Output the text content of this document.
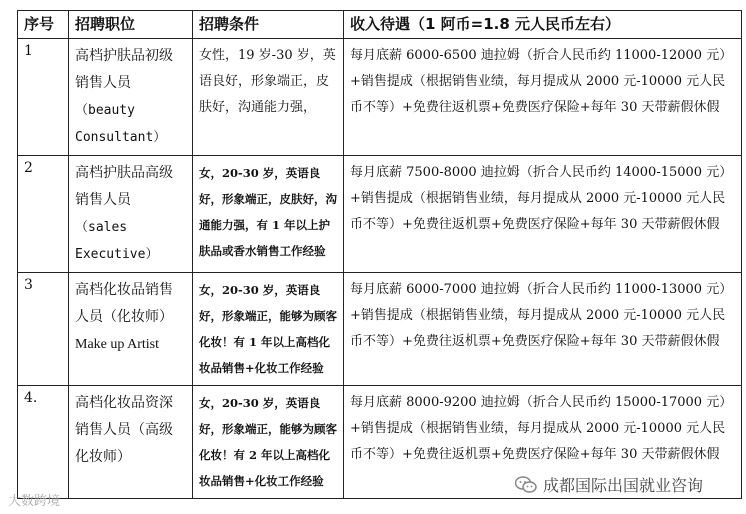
序号	招聘职位	招聘条件	收入待遇（1 阿币=1.8 元人民币左右）
1	高档护肤品初级销售人员 （beauty Consultant）	女性，19 岁-30 岁，英语良好，形象端正，皮肤好，沟通能力强，	每月底薪 6000-6500 迪拉姆（折合人民币约 11000-12000 元）+销售提成（根据销售业绩，每月提成从 2000 元-10000 元人民币不等）+免费往返机票+免费医疗保险+每年 30 天带薪假休假
2	高档护肤品高级销售人员 （sales Executive）	女，20-30 岁，英语良好，形象端正，皮肤好，沟通能力强，有 1 年以上护肤品或香水销售工作经验	每月底薪 7500-8000 迪拉姆（折合人民币约 14000-15000 元）+销售提成（根据销售业绩，每月提成从 2000 元-10000 元人民币不等）+免费往返机票+免费医疗保险+每年 30 天带薪假休假
3	高档化妆品销售人员（化妆师） Make up Artist	女，20-30 岁，英语良好，形象端正，能够为顾客化妆！有 1 年以上高档化妆品销售+化妆工作经验	每月底薪 6000-7000 迪拉姆（折合人民币约 11000-13000 元）+销售提成（根据销售业绩，每月提成从 2000 元-10000 元人民币不等）+免费往返机票+免费医疗保险+每年 30 天带薪假休假
4.	高档化妆品资深销售人员（高级化妆师）	女，20-30 岁，英语良好，形象端正，能够为顾客化妆！有 2 年以上高档化妆品销售+化妆工作经验	每月底薪 8000-9200 迪拉姆（折合人民币约 15000-17000 元）+销售提成（根据销售业绩，每月提成从 2000 元-10000 元人民币不等）+免费往返机票+免费医疗保险+每年 30 天带薪假休假
大数跨境
成都国际出国就业咨询
